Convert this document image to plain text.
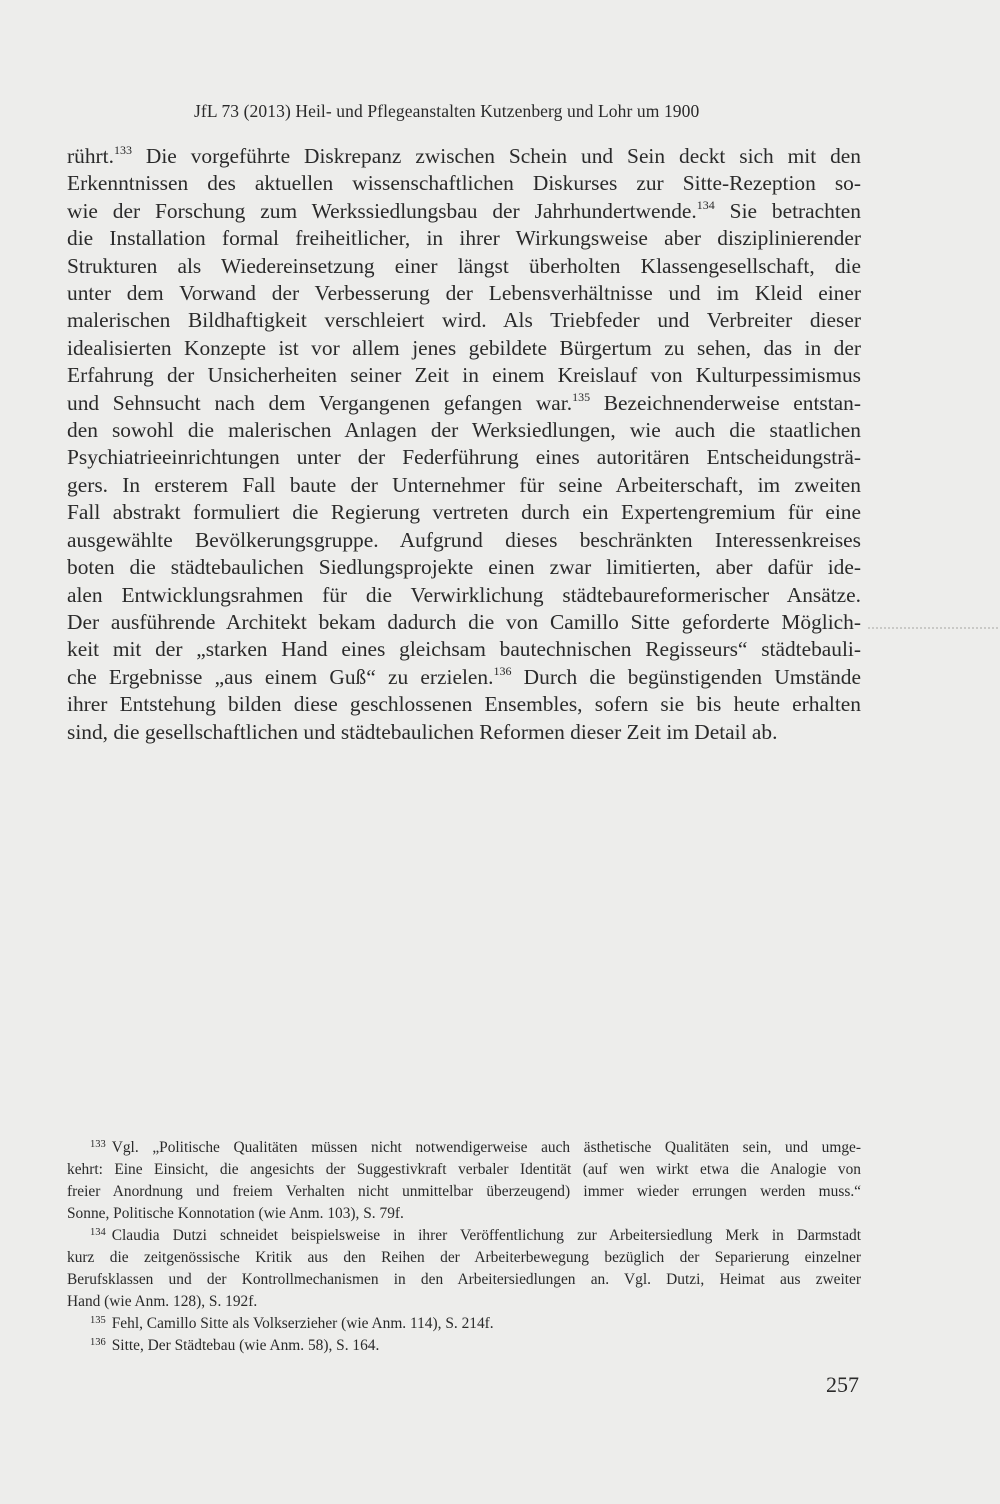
JfL 73 (2013) Heil- und Pflegeanstalten Kutzenberg und Lohr um 1900

rührt.$^{133}$ Die vorgeführte Diskrepanz zwischen Schein und Sein deckt sich mit den
Erkenntnissen des aktuellen wissenschaftlichen Diskurses zur Sitte-Rezeption so-
wie der Forschung zum Werkssiedlungsbau der Jahrhundertwende.$^{134}$ Sie betrachten
die Installation formal freiheitlicher, in ihrer Wirkungsweise aber disziplinierender
Strukturen als Wiedereinsetzung einer längst überholten Klassengesellschaft, die
unter dem Vorwand der Verbesserung der Lebensverhältnisse und im Kleid einer
malerischen Bildhaftigkeit verschleiert wird. Als Triebfeder und Verbreiter dieser
idealisierten Konzepte ist vor allem jenes gebildete Bürgertum zu sehen, das in der
Erfahrung der Unsicherheiten seiner Zeit in einem Kreislauf von Kulturpessimismus
und Sehnsucht nach dem Vergangenen gefangen war.$^{135}$ Bezeichnenderweise entstan-
den sowohl die malerischen Anlagen der Werksiedlungen, wie auch die staatlichen
Psychiatrieeinrichtungen unter der Federführung eines autoritären Entscheidungsträ-
gers. In ersterem Fall baute der Unternehmer für seine Arbeiterschaft, im zweiten
Fall abstrakt formuliert die Regierung vertreten durch ein Expertengremium für eine
ausgewählte Bevölkerungsgruppe. Aufgrund dieses beschränkten Interessenkreises
boten die städtebaulichen Siedlungsprojekte einen zwar limitierten, aber dafür ide-
alen Entwicklungsrahmen für die Verwirklichung städtebaureformerischer Ansätze.
Der ausführende Architekt bekam dadurch die von Camillo Sitte geforderte Möglich-
keit mit der „starken Hand eines gleichsam bautechnischen Regisseurs“ städtebauli-
che Ergebnisse „aus einem Guß“ zu erzielen.$^{136}$ Durch die begünstigenden Umstände
ihrer Entstehung bilden diese geschlossenen Ensembles, sofern sie bis heute erhalten
sind, die gesellschaftlichen und städtebaulichen Reformen dieser Zeit im Detail ab.

$^{133}$ Vgl. „Politische Qualitäten müssen nicht notwendigerweise auch ästhetische Qualitäten sein, und umge-
kehrt: Eine Einsicht, die angesichts der Suggestivkraft verbaler Identität (auf wen wirkt etwa die Analogie von
freier Anordnung und freiem Verhalten nicht unmittelbar überzeugend) immer wieder errungen werden muss.“
Sonne, Politische Konnotation (wie Anm. 103), S. 79f.

$^{134}$ Claudia Dutzi schneidet beispielsweise in ihrer Veröffentlichung zur Arbeitersiedlung Merk in Darmstadt
kurz die zeitgenössische Kritik aus den Reihen der Arbeiterbewegung bezüglich der Separierung einzelner
Berufsklassen und der Kontrollmechanismen in den Arbeitersiedlungen an. Vgl. Dutzi, Heimat aus zweiter
Hand (wie Anm. 128), S. 192f.

$^{135}$ Fehl, Camillo Sitte als Volkserzieher (wie Anm. 114), S. 214f.

$^{136}$ Sitte, Der Städtebau (wie Anm. 58), S. 164.

257
